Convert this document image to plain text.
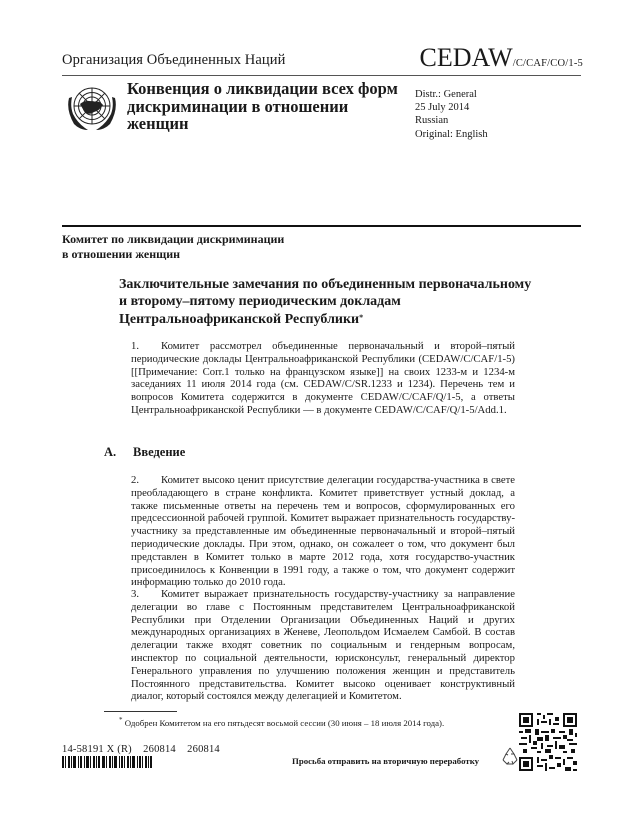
Организация Объединенных Наций	CEDAW/C/CAF/CO/1-5
Конвенция о ликвидации всех форм дискриминации в отношении женщин
Distr.: General
25 July 2014
Russian
Original: English
Комитет по ликвидации дискриминации
в отношении женщин
Заключительные замечания по объединенным первоначальному и второму–пятому периодическим докладам Центральноафриканской Республики*
1. Комитет рассмотрел объединенные первоначальный и второй–пятый периодические доклады Центральноафриканской Республики (CEDAW/C/CAF/1-5) [[Примечание: Corr.1 только на французском языке]] на своих 1233-м и 1234-м заседаниях 11 июля 2014 года (см. CEDAW/C/SR.1233 и 1234). Перечень тем и вопросов Комитета содержится в документе CEDAW/C/CAF/Q/1-5, а ответы Центральноафриканской Республики — в документе CEDAW/C/CAF/Q/1-5/Add.1.
A. Введение
2. Комитет высоко ценит присутствие делегации государства-участника в свете преобладающего в стране конфликта. Комитет приветствует устный доклад, а также письменные ответы на перечень тем и вопросов, сформулированных его предсессионной рабочей группой. Комитет выражает признательность государству-участнику за представленные им объединенные первоначальный и второй–пятый периодические доклады. При этом, однако, он сожалеет о том, что документ был представлен в Комитет только в марте 2012 года, хотя государство-участник присоединилось к Конвенции в 1991 году, а также о том, что документ содержит информацию только до 2010 года.
3. Комитет выражает признательность государству-участнику за направление делегации во главе с Постоянным представителем Центральноафриканской Республики при Отделении Организации Объединенных Наций и других международных организациях в Женеве, Леопольдом Исмаелем Самбой. В состав делегации также входят советник по социальным и гендерным вопросам, инспектор по социальной деятельности, юрисконсульт, генеральный директор Генерального управления по улучшению положения женщин и представитель Постоянного представительства. Комитет высоко оценивает конструктивный диалог, который состоялся между делегацией и Комитетом.
* Одобрен Комитетом на его пятьдесят восьмой сессии (30 июня – 18 июля 2014 года).
14-58191 X (R)    260814    260814
Просьба отправить на вторичную переработку
